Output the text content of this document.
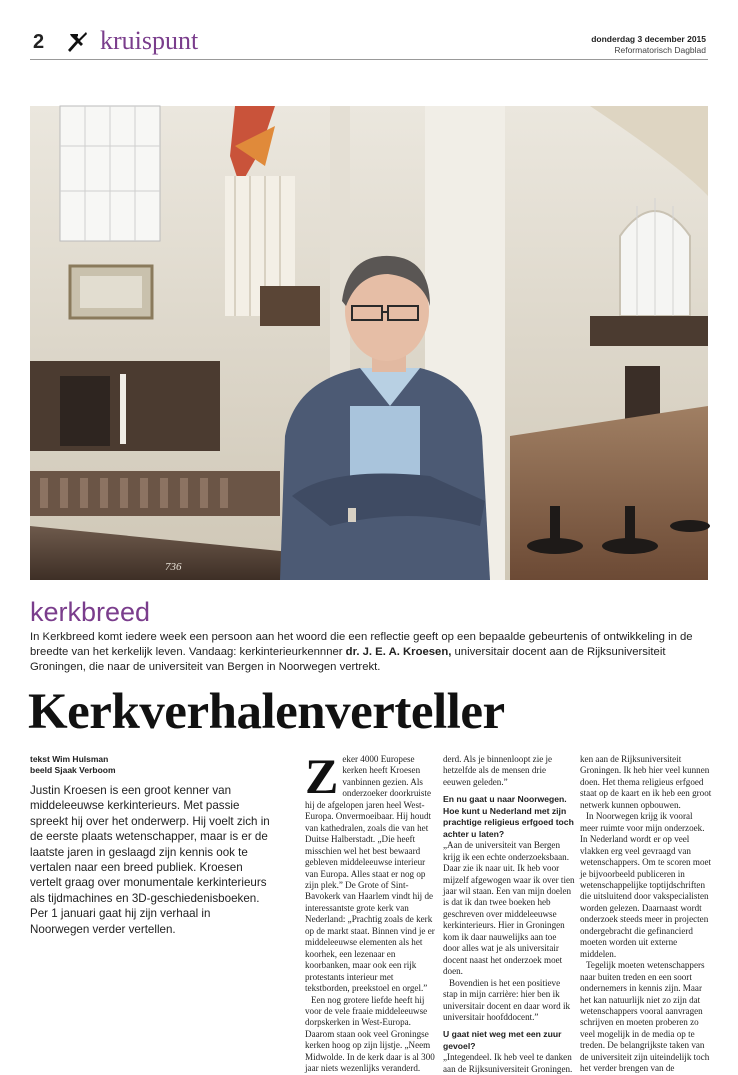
2 kruispunt	donderdag 3 december 2015
Reformatorisch Dagblad
736
kerkbreed
In Kerkbreed komt iedere week een persoon aan het woord die een reflectie geeft op een bepaalde gebeurtenis of ontwikkeling in de breedte van het kerkelijk leven. Vandaag: kerkinterieurkennner dr. J. E. A. Kroesen, universitair docent aan de Rijksuniversiteit Groningen, die naar de universiteit van Bergen in Noorwegen vertrekt.
Kerkverhalenverteller
tekst Wim Hulsman
beeld Sjaak Verboom
Justin Kroesen is een groot kenner van middeleeuwse kerkinterieurs. Met passie spreekt hij over het onderwerp. Hij voelt zich in de eerste plaats wetenschapper, maar is er de laatste jaren in geslaagd zijn kennis ook te vertalen naar een breed publiek. Kroesen vertelt graag over monumentale kerkinterieurs als tijdmachines en 3D-geschiedenisboeken. Per 1 januari gaat hij zijn verhaal in Noorwegen verder vertellen.
Z eker 4000 Europese kerken heeft Kroesen vanbinnen gezien. Als onderzoeker doorkruiste hij de afgelopen jaren heel West-Europa. Onvermoeibaar. Hij houdt van kathedralen, zoals die van het Duitse Halberstadt. „Die heeft misschien wel het best bewaard gebleven middeleeuwse interieur van Europa. Alles staat er nog op zijn plek.” De Grote of Sint-Bavokerk van Haarlem vindt hij de interessantste grote kerk van Nederland: „Prachtig zoals de kerk op de markt staat. Binnen vind je er middeleeuwse elementen als het koorhek, een lezenaar en koorbanken, maar ook een rijk protestants interieur met tekstborden, preekstoel en orgel.”

Een nog grotere liefde heeft hij voor de vele fraaie middeleeuwse dorpskerken in West-Europa. Daarom staan ook veel Groningse kerken hoog op zijn lijstje. „Neem Midwolde. In de kerk daar is al 300 jaar niets wezenlijks veranderd.

derd. Als je binnenloopt zie je hetzelfde als de mensen drie eeuwen geleden.”

En nu gaat u naar Noorwegen. Hoe kunt u Nederland met zijn prachtige religieus erfgoed toch achter u laten?

„Aan de universiteit van Bergen krijg ik een echte onderzoeksbaan. Daar zie ik naar uit. Ik heb voor mijzelf afgewogen waar ik over tien jaar wil staan. Een van mijn doelen is dat ik dan twee boeken heb geschreven over middeleeuwse kerkinterieurs. Hier in Groningen kom ik daar nauwelijks aan toe door alles wat je als universitair docent naast het onderzoek moet doen.

Bovendien is het een positieve stap in mijn carrière: hier ben ik universitair docent en daar word ik universitair hoofddocent.”

U gaat niet weg met een zuur gevoel?

„Integendeel. Ik heb veel te danken aan de Rijksuniversiteit Groningen.

ken aan de Rijksuniversiteit Groningen. Ik heb hier veel kunnen doen. Het thema religieus erfgoed staat op de kaart en ik heb een groot netwerk kunnen opbouwen.

In Noorwegen krijg ik vooral meer ruimte voor mijn onderzoek. In Nederland wordt er op veel vlakken erg veel gevraagd van wetenschappers. Om te scoren moet je bijvoorbeeld publiceren in wetenschappelijke toptijdschriften die uitsluitend door vakspecialisten worden gelezen. Daarnaast wordt onderzoek steeds meer in projecten ondergebracht die gefinancierd moeten worden uit externe middelen.

Tegelijk moeten wetenschappers naar buiten treden en een soort ondernemers in kennis zijn. Maar het kan natuurlijk niet zo zijn dat wetenschappers vooral aanvragen schrijven en moeten proberen zo veel mogelijk in de media op te treden. De belangrijkste taken van de universiteit zijn uiteindelijk toch het verder brengen van de
